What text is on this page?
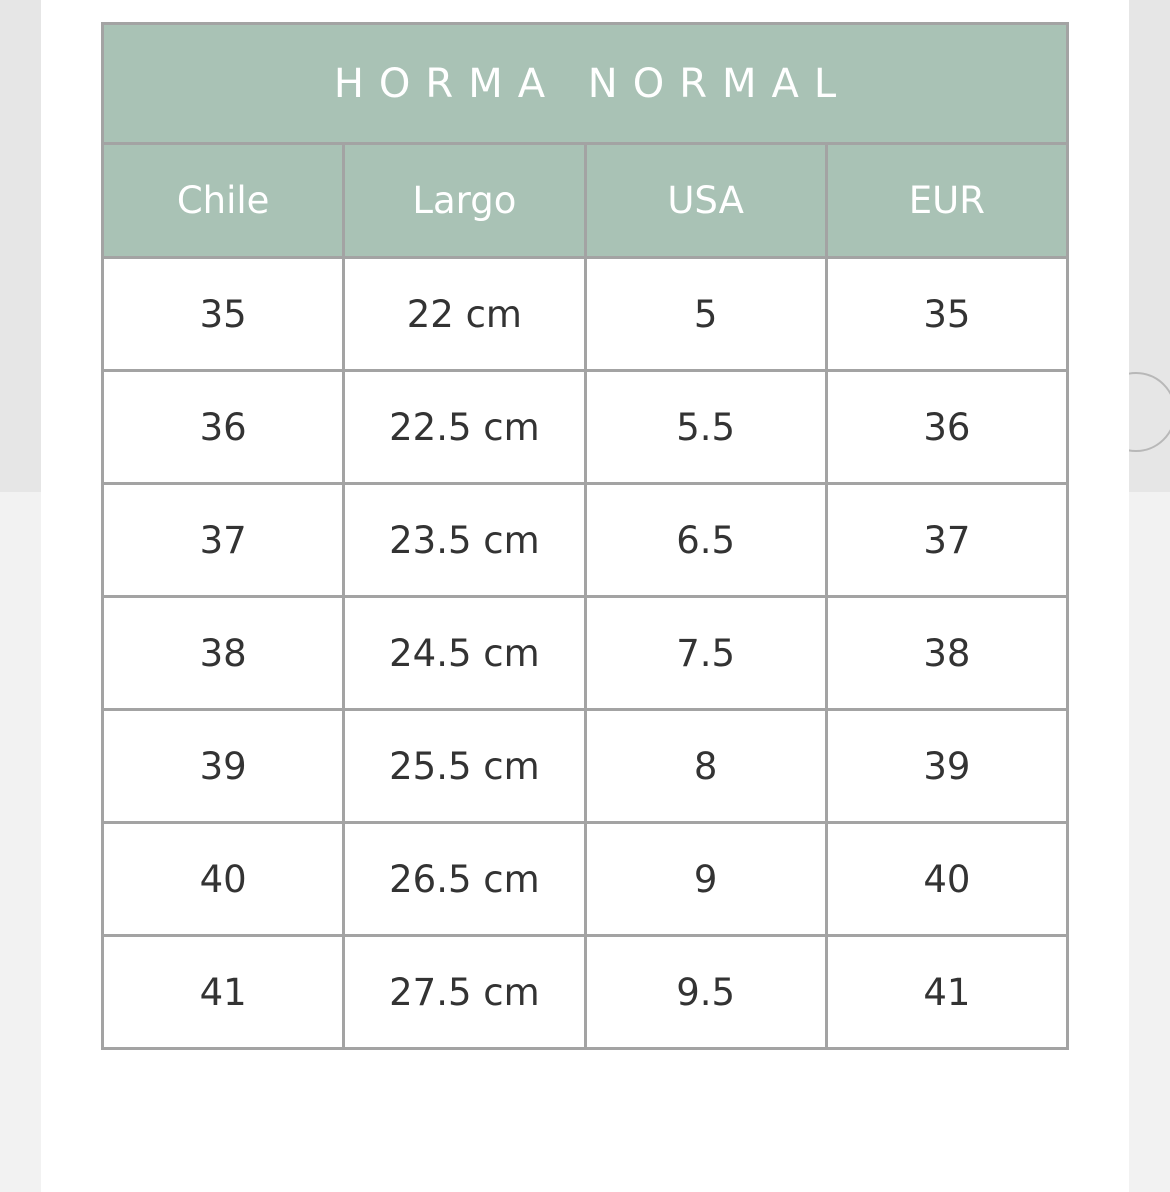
HORMA NORMAL			
Chile	Largo	USA	EUR
35	22 cm	5	35
36	22.5 cm	5.5	36
37	23.5 cm	6.5	37
38	24.5 cm	7.5	38
39	25.5 cm	8	39
40	26.5 cm	9	40
41	27.5 cm	9.5	41
